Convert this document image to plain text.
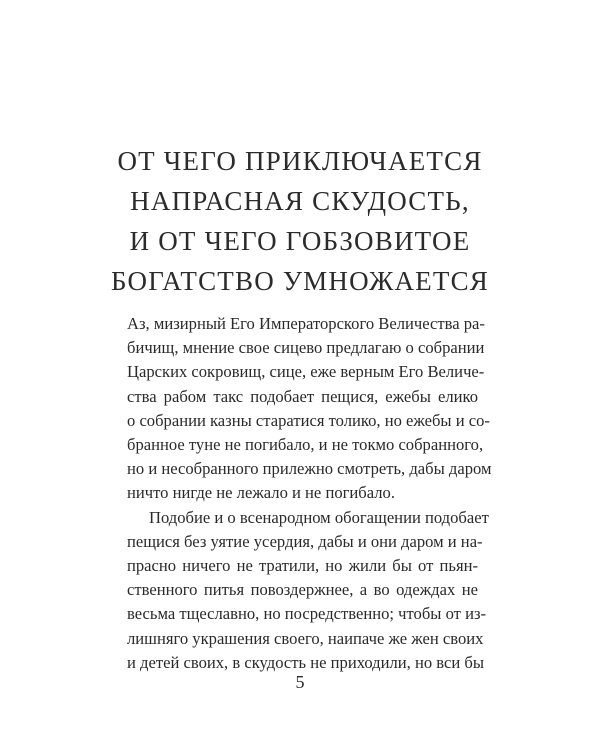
ОТ ЧЕГО ПРИКЛЮЧАЕТСЯ
НАПРАСНАЯ СКУДОСТЬ,
И ОТ ЧЕГО ГОБЗОВИТОЕ
БОГАТСТВО УМНОЖАЕТСЯ
Аз, мизирный Его Императорского Величества ра-
бичищ, мнение свое сицево предлагаю о собрании
Царских сокровищ, сице, еже верным Его Величе-
ства рабом такс подобает пещися, ежебы елико
о собрании казны старатися толико, но ежебы и со-
бранное туне не погибало, и не токмо собранного,
но и несобранного прилежно смотреть, дабы даром
ничто нигде не лежало и не погибало.
Подобие и о всенародном обогащении подобает
пещися без уятие усердия, дабы и они даром и на-
прасно ничего не тратили, но жили бы от пьян-
ственного питья повоздержнее, а во одеждах не
весьма тщеславно, но посредственно; чтобы от из-
лишняго украшения своего, наипаче же жен своих
и детей своих, в скудость не приходили, но вси бы
5
